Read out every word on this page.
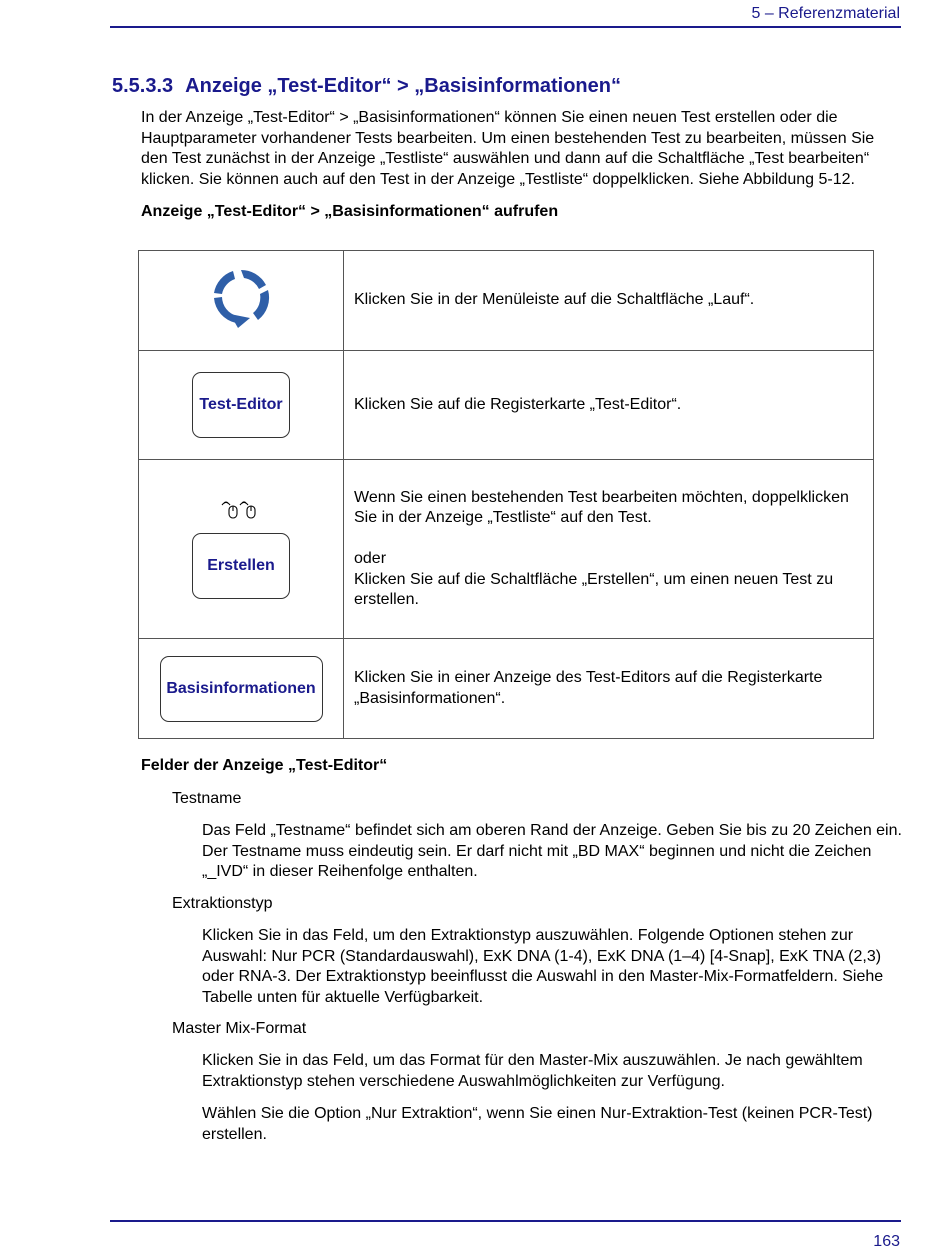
5 – Referenzmaterial
5.5.3.3 Anzeige „Test-Editor“ > „Basisinformationen“

In der Anzeige „Test-Editor“ > „Basisinformationen“ können Sie einen neuen Test erstellen oder die Hauptparameter vorhandener Tests bearbeiten. Um einen bestehenden Test zu bearbeiten, müssen Sie den Test zunächst in der Anzeige „Testliste“ auswählen und dann auf die Schaltfläche „Test bearbeiten“ klicken. Sie können auch auf den Test in der Anzeige „Testliste“ doppelklicken. Siehe Abbildung 5-12.

Anzeige „Test-Editor“ > „Basisinformationen“ aufrufen

	Klicken Sie in der Menüleiste auf die Schaltfläche „Lauf“.
Test-Editor	Klicken Sie auf die Registerkarte „Test-Editor“.

Erstellen	Wenn Sie einen bestehenden Test bearbeiten möchten, doppelklicken Sie in der Anzeige „Testliste“ auf den Test.
oder
Klicken Sie auf die Schaltfläche „Erstellen“, um einen neuen Test zu erstellen.

Basisinformationen	Klicken Sie in einer Anzeige des Test-Editors auf die Registerkarte „Basisinformationen“.

Felder der Anzeige „Test-Editor“

Testname

Das Feld „Testname“ befindet sich am oberen Rand der Anzeige. Geben Sie bis zu 20 Zeichen ein. Der Testname muss eindeutig sein. Er darf nicht mit „BD MAX“ beginnen und nicht die Zeichen „_IVD“ in dieser Reihenfolge enthalten.

Extraktionstyp

Klicken Sie in das Feld, um den Extraktionstyp auszuwählen. Folgende Optionen stehen zur Auswahl: Nur PCR (Standardauswahl), ExK DNA (1-4), ExK DNA (1–4) [4-Snap], ExK TNA (2,3) oder RNA-3. Der Extraktionstyp beeinflusst die Auswahl in den Master-Mix-Formatfeldern. Siehe Tabelle unten für aktuelle Verfügbarkeit.

Master Mix-Format

Klicken Sie in das Feld, um das Format für den Master-Mix auszuwählen. Je nach gewähltem Extraktionstyp stehen verschiedene Auswahlmöglichkeiten zur Verfügung.

Wählen Sie die Option „Nur Extraktion“, wenn Sie einen Nur-Extraktion-Test (keinen PCR-Test) erstellen.

163
